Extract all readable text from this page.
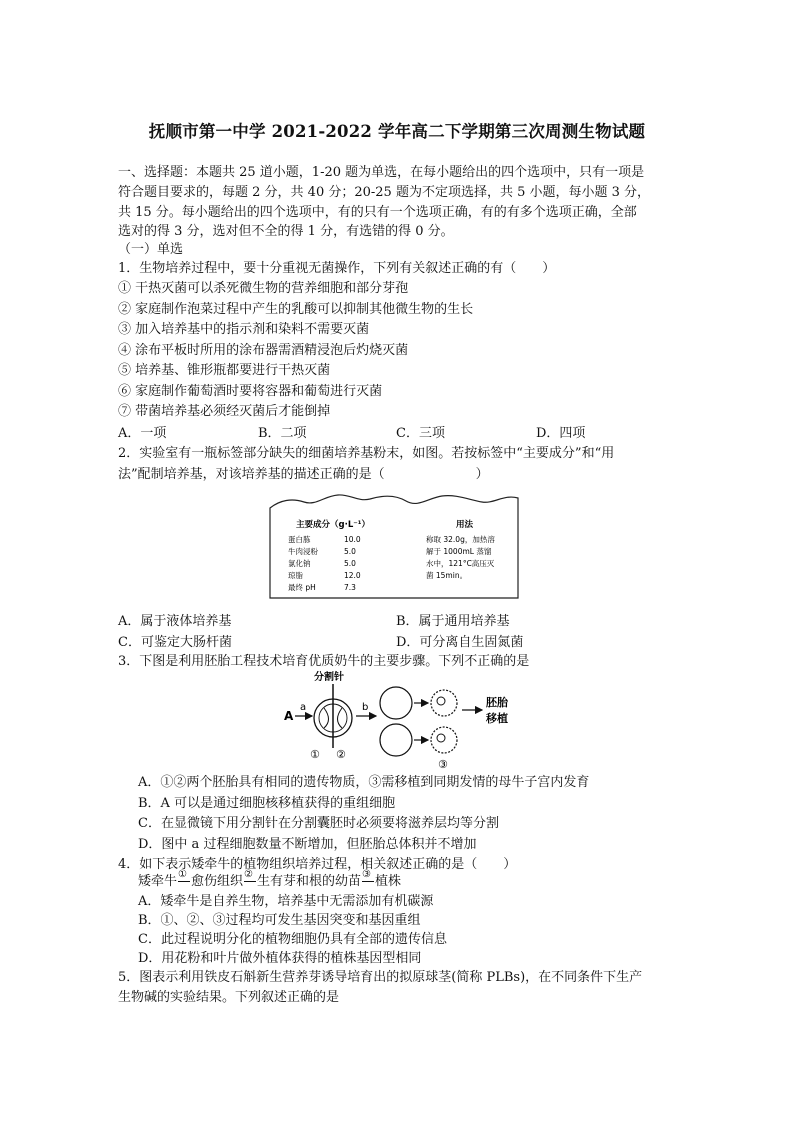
抚顺市第一中学 2021-2022 学年高二下学期第三次周测生物试题
一、选择题：本题共 25 道小题，1-20 题为单选，在每小题给出的四个选项中，只有一项是
符合题目要求的，每题 2 分，共 40 分；20-25 题为不定项选择，共 5 小题，每小题 3 分，
共 15 分。每小题给出的四个选项中，有的只有一个选项正确，有的有多个选项正确，全部
选对的得 3 分，选对但不全的得 1 分，有选错的得 0 分。
（一）单选
1．生物培养过程中，要十分重视无菌操作，下列有关叙述正确的有（　　）
① 干热灭菌可以杀死微生物的营养细胞和部分芽孢
② 家庭制作泡菜过程中产生的乳酸可以抑制其他微生物的生长
③ 加入培养基中的指示剂和染料不需要灭菌
④ 涂布平板时所用的涂布器需酒精浸泡后灼烧灭菌
⑤ 培养基、锥形瓶都要进行干热灭菌
⑥ 家庭制作葡萄酒时要将容器和葡萄进行灭菌
⑦ 带菌培养基必须经灭菌后才能倒掉
A．一项	B．二项	C．三项	D．四项
2．实验室有一瓶标签部分缺失的细菌培养基粉末，如图。若按标签中“主要成分”和“用
法”配制培养基，对该培养基的描述正确的是（　　　　　　　）
主要成分（g·L⁻¹）	用法
蛋白胨	10.0
牛肉浸粉	5.0
氯化钠	5.0
琼脂	12.0
最终 pH	7.3
称取 32.0g，加热溶
解于 1000mL 蒸馏
水中，121°C高压灭
菌 15min。
A．属于液体培养基	B．属于通用培养基
C．可鉴定大肠杆菌	D．可分离自生固氮菌
3．下图是利用胚胎工程技术培育优质奶牛的主要步骤。下列不正确的是
A
a
分割针
① ②
b
③
胚胎
移植
A．①②两个胚胎具有相同的遗传物质，③需移植到同期发情的母牛子宫内发育
B．A 可以是通过细胞核移植获得的重组细胞
C．在显微镜下用分割针在分割囊胚时必须要将滋养层均等分割
D．图中 a 过程细胞数量不断增加，但胚胎总体积并不增加
4．如下表示矮牵牛的植物组织培养过程，相关叙述正确的是（　　）
矮牵牛 ① 愈伤组织 ② 生有芽和根的幼苗 ③ 植株
A．矮牵牛是自养生物，培养基中无需添加有机碳源
B．①、②、③过程均可发生基因突变和基因重组
C．此过程说明分化的植物细胞仍具有全部的遗传信息
D．用花粉和叶片做外植体获得的植株基因型相同
5．图表示利用铁皮石斛新生营养芽诱导培育出的拟原球茎(简称 PLBs)，在不同条件下生产
生物碱的实验结果。下列叙述正确的是
